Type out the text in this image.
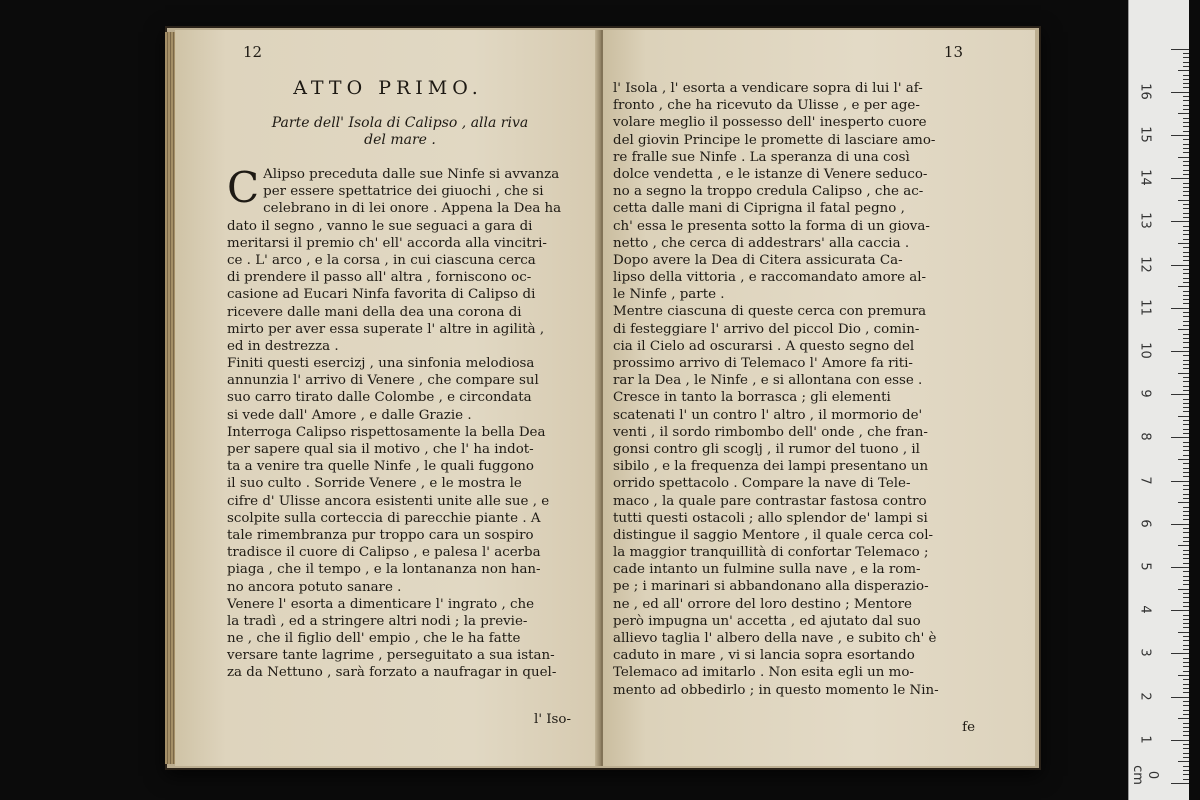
12
ATTO PRIMO.
Parte dell' Isola di Calipso , alla riva
del mare .
C Alipso preceduta dalle sue Ninfe si avvanza
per essere spettatrice dei giuochi , che si
celebrano in di lei onore . Appena la Dea ha
dato il segno , vanno le sue seguaci a gara di
meritarsi il premio ch' ell' accorda alla vincitri-
ce . L' arco , e la corsa , in cui ciascuna cerca
di prendere il passo all' altra , forniscono oc-
casione ad Eucari Ninfa favorita di Calipso di
ricevere dalle mani della dea una corona di
mirto per aver essa superate l' altre in agilità ,
ed in destrezza .
Finiti questi esercizj , una sinfonia melodiosa
annunzia l' arrivo di Venere , che compare sul
suo carro tirato dalle Colombe , e circondata
si vede dall' Amore , e dalle Grazie .
Interroga Calipso rispettosamente la bella Dea
per sapere qual sia il motivo , che l' ha indot-
ta a venire tra quelle Ninfe , le quali fuggono
il suo culto . Sorride Venere , e le mostra le
cifre d' Ulisse ancora esistenti unite alle sue , e
scolpite sulla corteccia di parecchie piante . A
tale rimembranza pur troppo cara un sospiro
tradisce il cuore di Calipso , e palesa l' acerba
piaga , che il tempo , e la lontananza non han-
no ancora potuto sanare .
Venere l' esorta a dimenticare l' ingrato , che
la tradì , ed a stringere altri nodi ; la previe-
ne , che il figlio dell' empio , che le ha fatte
versare tante lagrime , perseguitato a sua istan-
za da Nettuno , sarà forzato a naufragar in quel-
l' Iso-
13
l' Isola , l' esorta a vendicare sopra di lui l' af-
fronto , che ha ricevuto da Ulisse , e per age-
volare meglio il possesso dell' inesperto cuore
del giovin Principe le promette di lasciare amo-
re fralle sue Ninfe . La speranza di una così
dolce vendetta , e le istanze di Venere seduco-
no a segno la troppo credula Calipso , che ac-
cetta dalle mani di Ciprigna il fatal pegno ,
ch' essa le presenta sotto la forma di un giova-
netto , che cerca di addestrars' alla caccia .
Dopo avere la Dea di Citera assicurata Ca-
lipso della vittoria , e raccomandato amore al-
le Ninfe , parte .
Mentre ciascuna di queste cerca con premura
di festeggiare l' arrivo del piccol Dio , comin-
cia il Cielo ad oscurarsi . A questo segno del
prossimo arrivo di Telemaco l' Amore fa riti-
rar la Dea , le Ninfe , e si allontana con esse .
Cresce in tanto la borrasca ; gli elementi
scatenati l' un contro l' altro , il mormorio de'
venti , il sordo rimbombo dell' onde , che fran-
gonsi contro gli scoglj , il rumor del tuono , il
sibilo , e la frequenza dei lampi presentano un
orrido spettacolo . Compare la nave di Tele-
maco , la quale pare contrastar fastosa contro
tutti questi ostacoli ; allo splendor de' lampi si
distingue il saggio Mentore , il quale cerca col-
la maggior tranquillità di confortar Telemaco ;
cade intanto un fulmine sulla nave , e la rom-
pe ; i marinari si abbandonano alla disperazio-
ne , ed all' orrore del loro destino ; Mentore
però impugna un' accetta , ed ajutato dal suo
allievo taglia l' albero della nave , e subito ch' è
caduto in mare , vi si lancia sopra esortando
Telemaco ad imitarlo . Non esita egli un mo-
mento ad obbedirlo ; in questo momento le Nin-
fe
0 cm
1
2
3
4
5
6
7
8
9
10
11
12
13
14
15
16
